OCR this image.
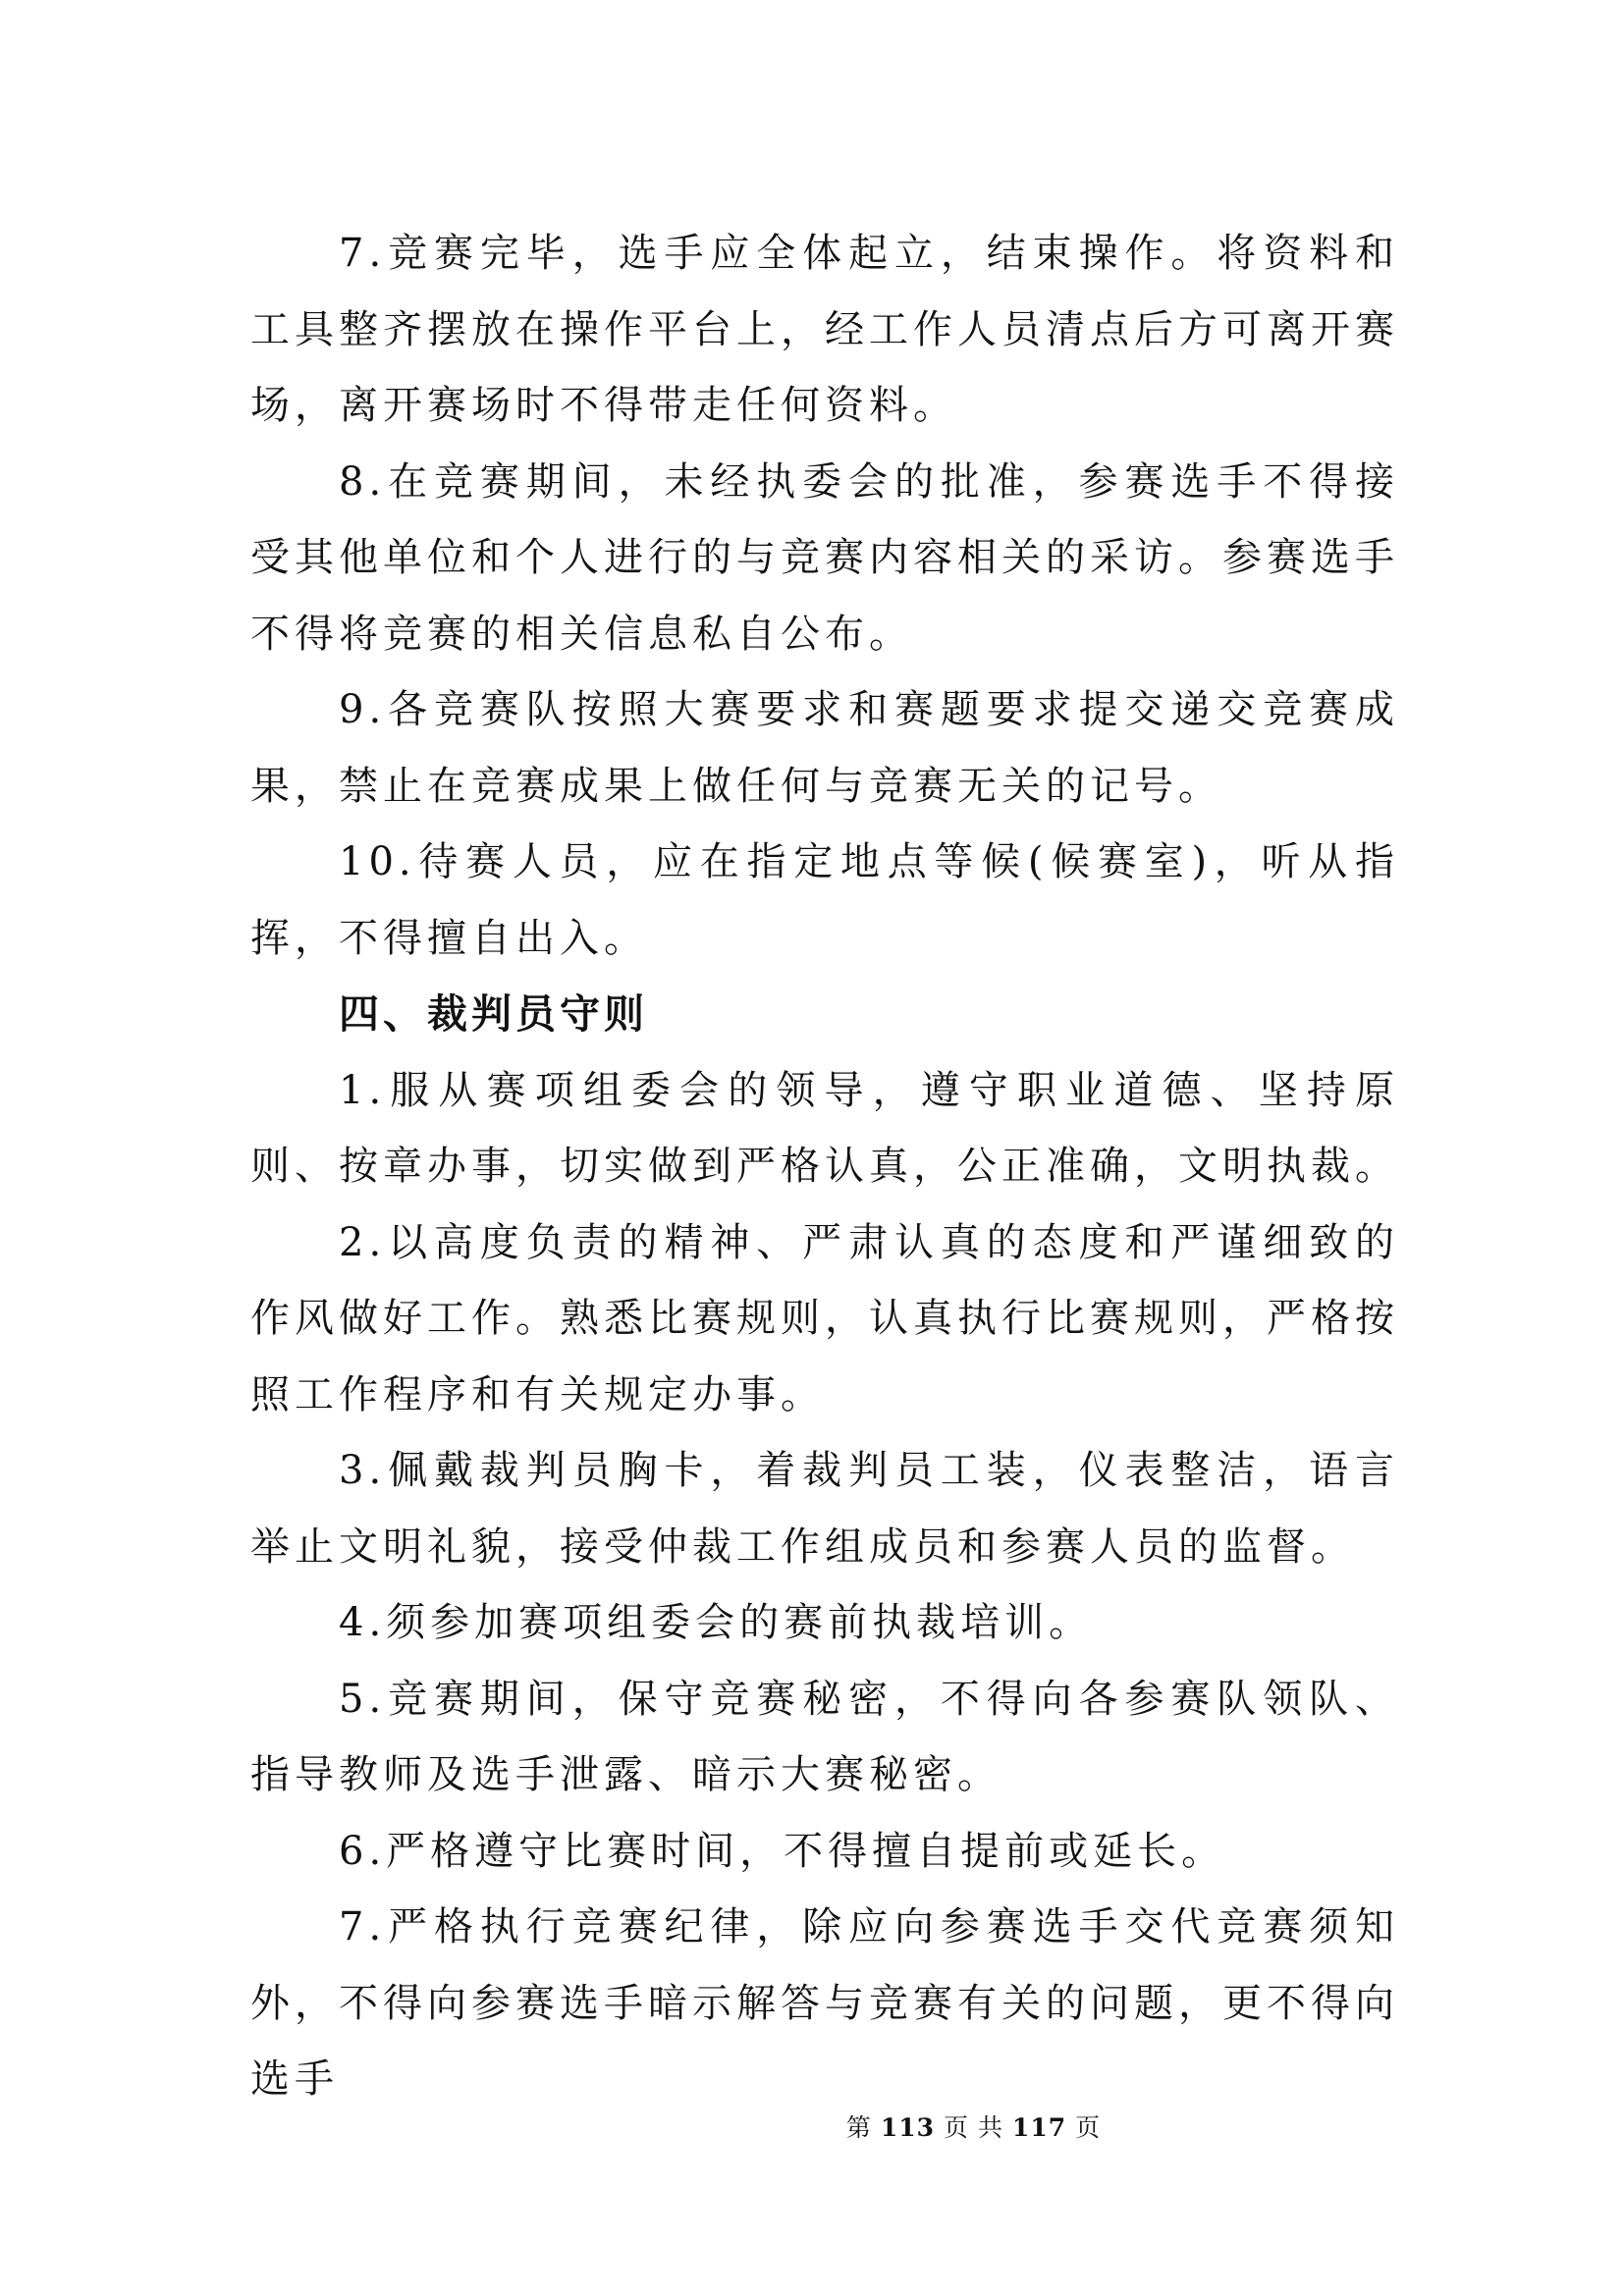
7.竞赛完毕，选手应全体起立，结束操作。将资料和工具整齐摆放在操作平台上，经工作人员清点后方可离开赛场，离开赛场时不得带走任何资料。

8.在竞赛期间，未经执委会的批准，参赛选手不得接受其他单位和个人进行的与竞赛内容相关的采访。参赛选手不得将竞赛的相关信息私自公布。

9.各竞赛队按照大赛要求和赛题要求提交递交竞赛成果，禁止在竞赛成果上做任何与竞赛无关的记号。

10.待赛人员，应在指定地点等候(候赛室)，听从指挥，不得擅自出入。

四、裁判员守则

1.服从赛项组委会的领导，遵守职业道德、坚持原则、按章办事，切实做到严格认真，公正准确，文明执裁。

2.以高度负责的精神、严肃认真的态度和严谨细致的作风做好工作。熟悉比赛规则，认真执行比赛规则，严格按照工作程序和有关规定办事。

3.佩戴裁判员胸卡，着裁判员工装，仪表整洁，语言举止文明礼貌，接受仲裁工作组成员和参赛人员的监督。

4.须参加赛项组委会的赛前执裁培训。

5.竞赛期间，保守竞赛秘密，不得向各参赛队领队、指导教师及选手泄露、暗示大赛秘密。

6.严格遵守比赛时间，不得擅自提前或延长。

7.严格执行竞赛纪律，除应向参赛选手交代竞赛须知外，不得向参赛选手暗示解答与竞赛有关的问题，更不得向选手

第 113 页 共 117 页
